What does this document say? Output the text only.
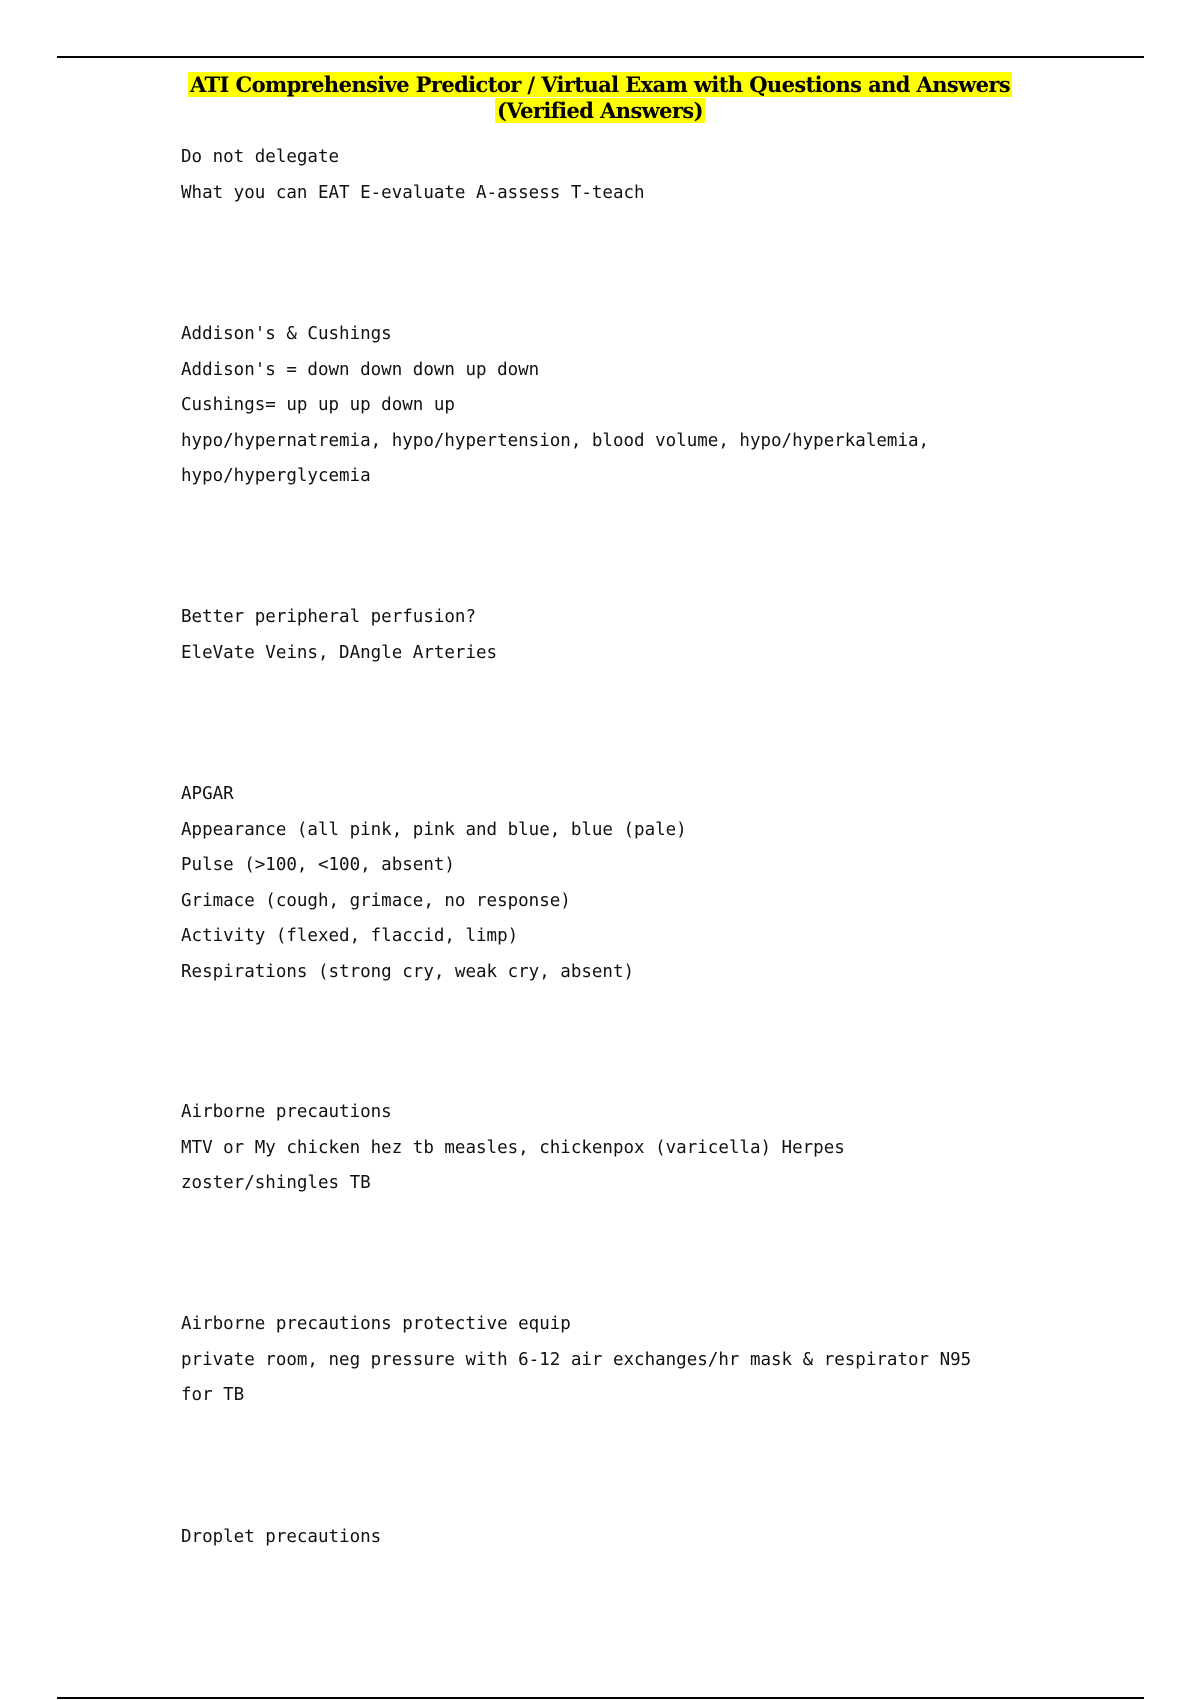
ATI Comprehensive Predictor / Virtual Exam with Questions and Answers
(Verified Answers)
Do not delegate
What you can EAT E-evaluate A-assess T-teach
Addison's & Cushings
Addison's = down down down up down
Cushings= up up up down up
hypo/hypernatremia, hypo/hypertension, blood volume, hypo/hyperkalemia,
hypo/hyperglycemia
Better peripheral perfusion?
EleVate Veins, DAngle Arteries
APGAR
Appearance (all pink, pink and blue, blue (pale)
Pulse (>100, <100, absent)
Grimace (cough, grimace, no response)
Activity (flexed, flaccid, limp)
Respirations (strong cry, weak cry, absent)
Airborne precautions
MTV or My chicken hez tb measles, chickenpox (varicella) Herpes
zoster/shingles TB
Airborne precautions protective equip
private room, neg pressure with 6-12 air exchanges/hr mask & respirator N95
for TB
Droplet precautions
